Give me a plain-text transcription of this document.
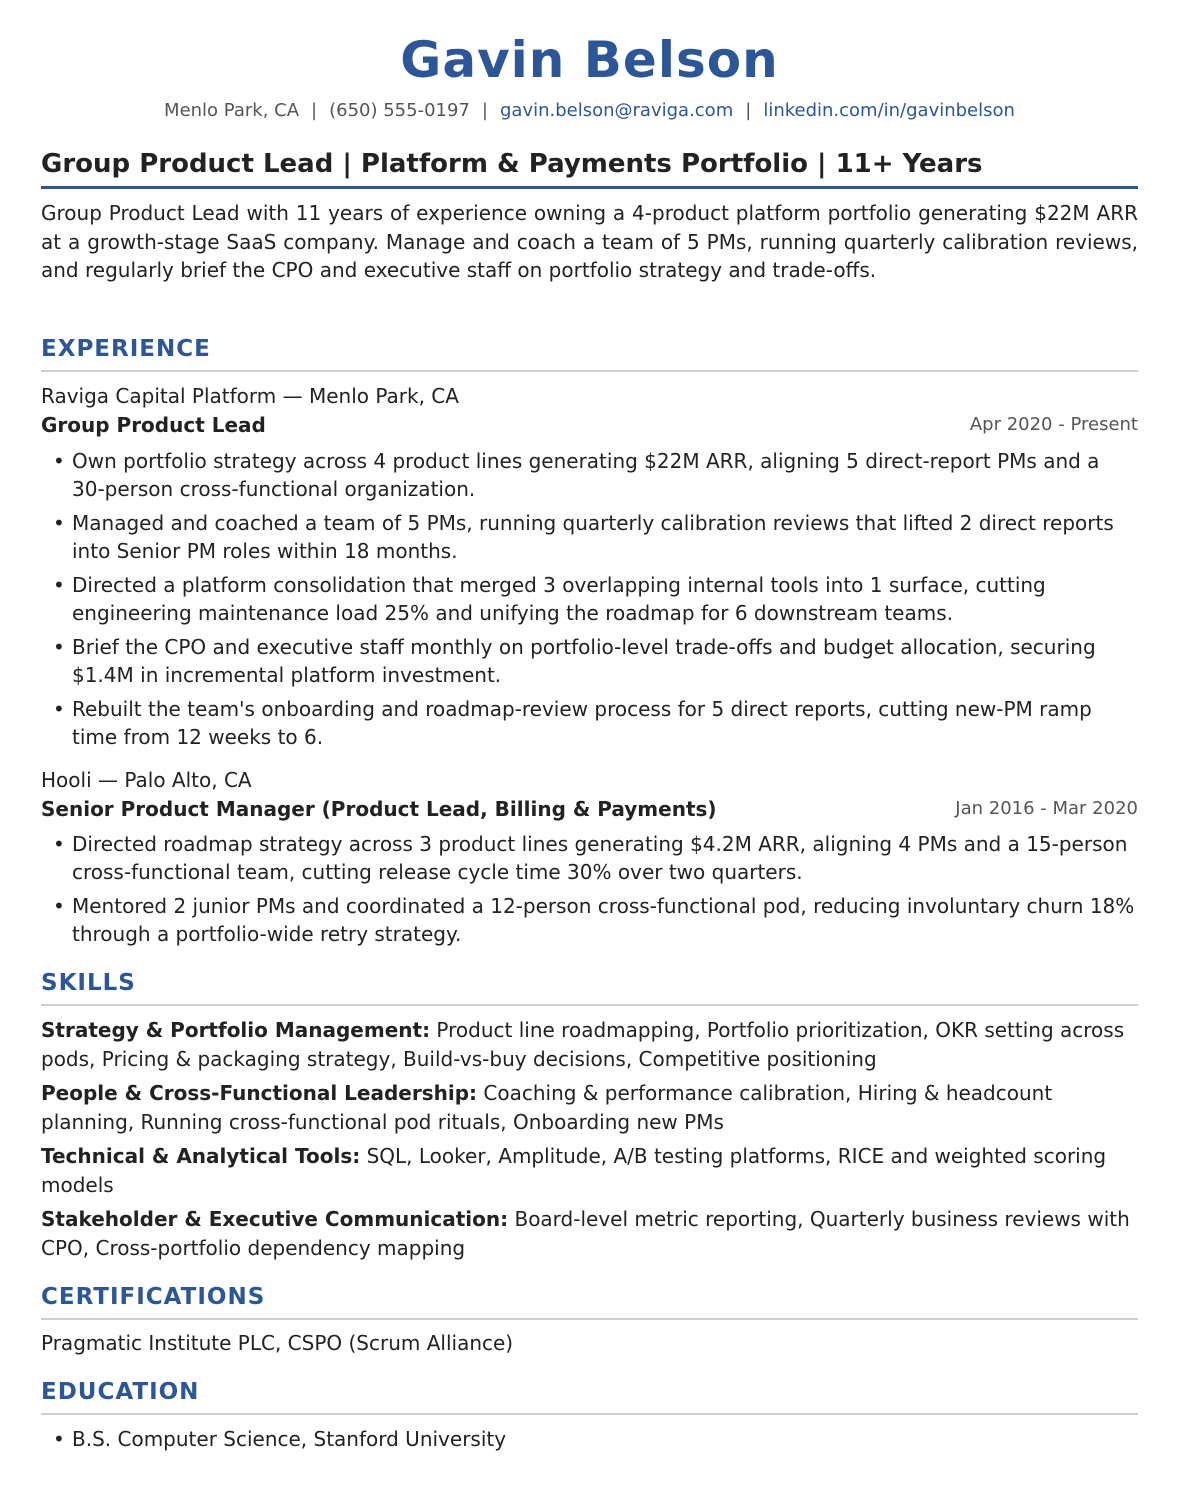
Gavin Belson
Menlo Park, CA | (650) 555-0197 | gavin.belson@raviga.com | linkedin.com/in/gavinbelson
Group Product Lead | Platform & Payments Portfolio | 11+ Years
Group Product Lead with 11 years of experience owning a 4-product platform portfolio generating $22M ARR at a growth-stage SaaS company. Manage and coach a team of 5 PMs, running quarterly calibration reviews, and regularly brief the CPO and executive staff on portfolio strategy and trade-offs.
EXPERIENCE
Raviga Capital Platform — Menlo Park, CA
Group Product Lead	Apr 2020 - Present
• Own portfolio strategy across 4 product lines generating $22M ARR, aligning 5 direct-report PMs and a 30-person cross-functional organization.
• Managed and coached a team of 5 PMs, running quarterly calibration reviews that lifted 2 direct reports into Senior PM roles within 18 months.
• Directed a platform consolidation that merged 3 overlapping internal tools into 1 surface, cutting engineering maintenance load 25% and unifying the roadmap for 6 downstream teams.
• Brief the CPO and executive staff monthly on portfolio-level trade-offs and budget allocation, securing $1.4M in incremental platform investment.
• Rebuilt the team's onboarding and roadmap-review process for 5 direct reports, cutting new-PM ramp time from 12 weeks to 6.
Hooli — Palo Alto, CA
Senior Product Manager (Product Lead, Billing & Payments)	Jan 2016 - Mar 2020
• Directed roadmap strategy across 3 product lines generating $4.2M ARR, aligning 4 PMs and a 15-person cross-functional team, cutting release cycle time 30% over two quarters.
• Mentored 2 junior PMs and coordinated a 12-person cross-functional pod, reducing involuntary churn 18% through a portfolio-wide retry strategy.
SKILLS
Strategy & Portfolio Management: Product line roadmapping, Portfolio prioritization, OKR setting across pods, Pricing & packaging strategy, Build-vs-buy decisions, Competitive positioning
People & Cross-Functional Leadership: Coaching & performance calibration, Hiring & headcount planning, Running cross-functional pod rituals, Onboarding new PMs
Technical & Analytical Tools: SQL, Looker, Amplitude, A/B testing platforms, RICE and weighted scoring models
Stakeholder & Executive Communication: Board-level metric reporting, Quarterly business reviews with CPO, Cross-portfolio dependency mapping
CERTIFICATIONS
Pragmatic Institute PLC, CSPO (Scrum Alliance)
EDUCATION
• B.S. Computer Science, Stanford University
